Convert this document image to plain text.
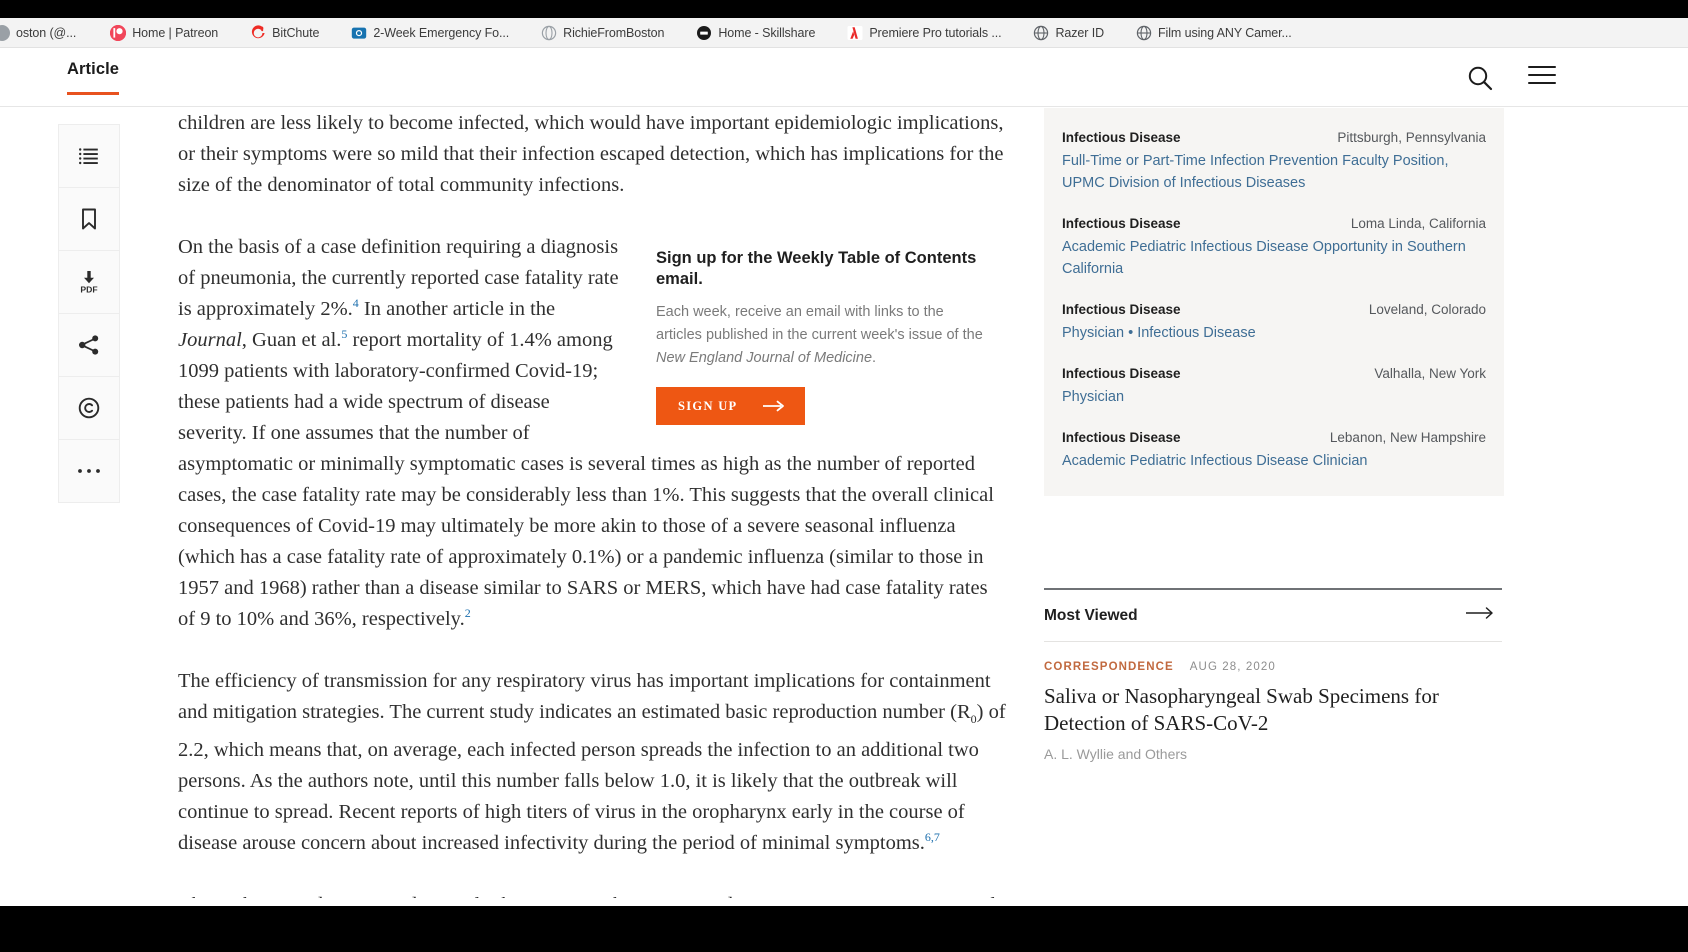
oston (@...	Home | Patreon	BitChute	2-Week Emergency Fo...	RichieFromBoston	Home - Skillshare	Premiere Pro tutorials ...	Razer ID	Film using ANY Camer...
Article
PDF

children are less likely to become infected, which would have important epidemiologic implications, or their symptoms were so mild that their infection escaped detection, which has implications for the size of the denominator of total community infections.

Sign up for the Weekly Table of Contents email.
Each week, receive an email with links to the articles published in the current week's issue of the New England Journal of Medicine.
SIGN UP
On the basis of a case definition requiring a diagnosis of pneumonia, the currently reported case fatality rate is approximately 2%.$^4$ In another article in the Journal, Guan et al.$^5$ report mortality of 1.4% among 1099 patients with laboratory-confirmed Covid-19; these patients had a wide spectrum of disease severity. If one assumes that the number of asymptomatic or minimally symptomatic cases is several times as high as the number of reported cases, the case fatality rate may be considerably less than 1%. This suggests that the overall clinical consequences of Covid-19 may ultimately be more akin to those of a severe seasonal influenza (which has a case fatality rate of approximately 0.1%) or a pandemic influenza (similar to those in 1957 and 1968) rather than a disease similar to SARS or MERS, which have had case fatality rates of 9 to 10% and 36%, respectively.$^2$

The efficiency of transmission for any respiratory virus has important implications for containment and mitigation strategies. The current study indicates an estimated basic reproduction number $(R_0)$ of 2.2, which means that, on average, each infected person spreads the infection to an additional two persons. As the authors note, until this number falls below 1.0, it is likely that the outbreak will continue to spread. Recent reports of high titers of virus in the oropharynx early in the course of disease arouse concern about increased infectivity during the period of minimal symptoms.$^{6,7}$

Infectious Disease	Pittsburgh, Pennsylvania
Full-Time or Part-Time Infection Prevention Faculty Position,
UPMC Division of Infectious Diseases
Infectious Disease	Loma Linda, California
Academic Pediatric Infectious Disease Opportunity in Southern
California
Infectious Disease	Loveland, Colorado
Physician • Infectious Disease
Infectious Disease	Valhalla, New York
Physician
Infectious Disease	Lebanon, New Hampshire
Academic Pediatric Infectious Disease Clinician
Most Viewed
CORRESPONDENCE AUG 28, 2020
Saliva or Nasopharyngeal Swab Specimens for Detection of SARS-CoV-2
A. L. Wyllie and Others
